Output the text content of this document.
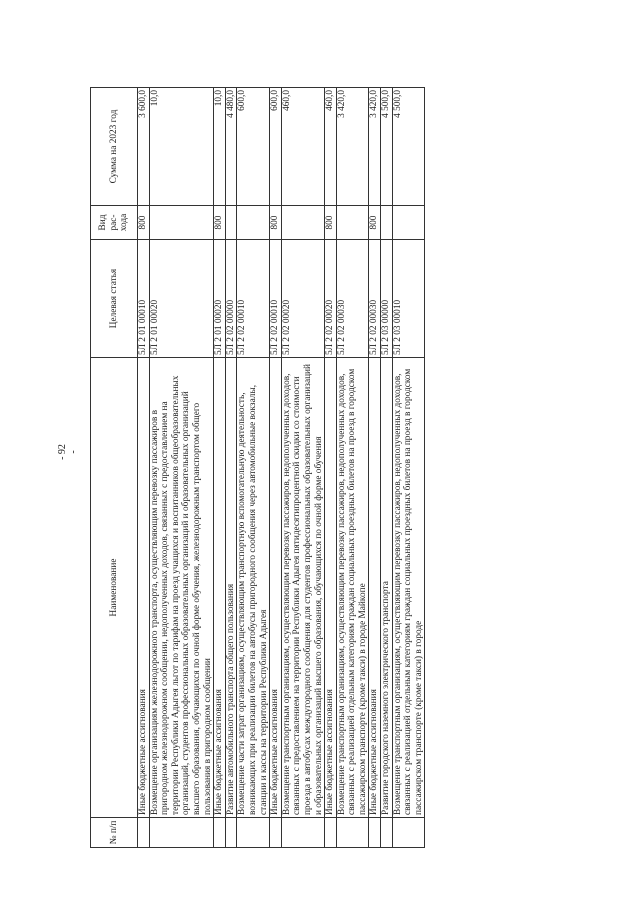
- 92 -
№ п/п	Наименование	Целевая статья	Вид рас- хода	Сумма на 2023 год
	Иные бюджетные ассигнования	5Л 2 01 00010	800	3 600,0
	Возмещение организациям железнодорожного транспорта, осуществляющим перевозку пассажиров в пригородном железнодорожном сообщении, недополученных доходов, связанных с предоставлением на территории Республики Адыгея льгот по тарифам на проезд учащихся и воспитанников общеобразовательных организаций, студентов профессиональных образовательных организаций и образовательных организаций высшего образования, обучающихся по очной форме обучения, железнодорожным транспортом общего пользования в пригородном сообщении	5Л 2 01 00020		10,0
	Иные бюджетные ассигнования	5Л 2 01 00020	800	10,0
	Развитие автомобильного транспорта общего пользования	5Л 2 02 00000		4 480,0
	Возмещение части затрат организациям, осуществляющим транспортную вспомогательную деятельность, возникающих при реализации билетов на автобусы пригородного сообщения через автомобильные вокзалы, станции и кассы на территории Республики Адыгея	5Л 2 02 00010		600,0
	Иные бюджетные ассигнования	5Л 2 02 00010	800	600,0
	Возмещение транспортным организациям, осуществляющим перевозку пассажиров, недополученных доходов, связанных с предоставлением на территории Республики Адыгея пятидесятипроцентной скидки со стоимости проезда в автобусах междугородного сообщения для студентов профессиональных образовательных организаций и образовательных организаций высшего образования, обучающихся по очной форме обучения	5Л 2 02 00020		460,0
	Иные бюджетные ассигнования	5Л 2 02 00020	800	460,0
	Возмещение транспортным организациям, осуществляющим перевозку пассажиров, недополученных доходов, связанных с реализацией отдельным категориям граждан социальных проездных билетов на проезд в городском пассажирском транспорте (кроме такси) в городе Майкопе	5Л 2 02 00030		3 420,0
	Иные бюджетные ассигнования	5Л 2 02 00030	800	3 420,0
	Развитие городского наземного электрического транспорта	5Л 2 03 00000		4 500,0
	Возмещение транспортным организациям, осуществляющим перевозку пассажиров, недополученных доходов, связанных с реализацией отдельным категориям граждан социальных проездных билетов на проезд в городском пассажирском транспорте (кроме такси) в городе	5Л 2 03 00010		4 500,0
